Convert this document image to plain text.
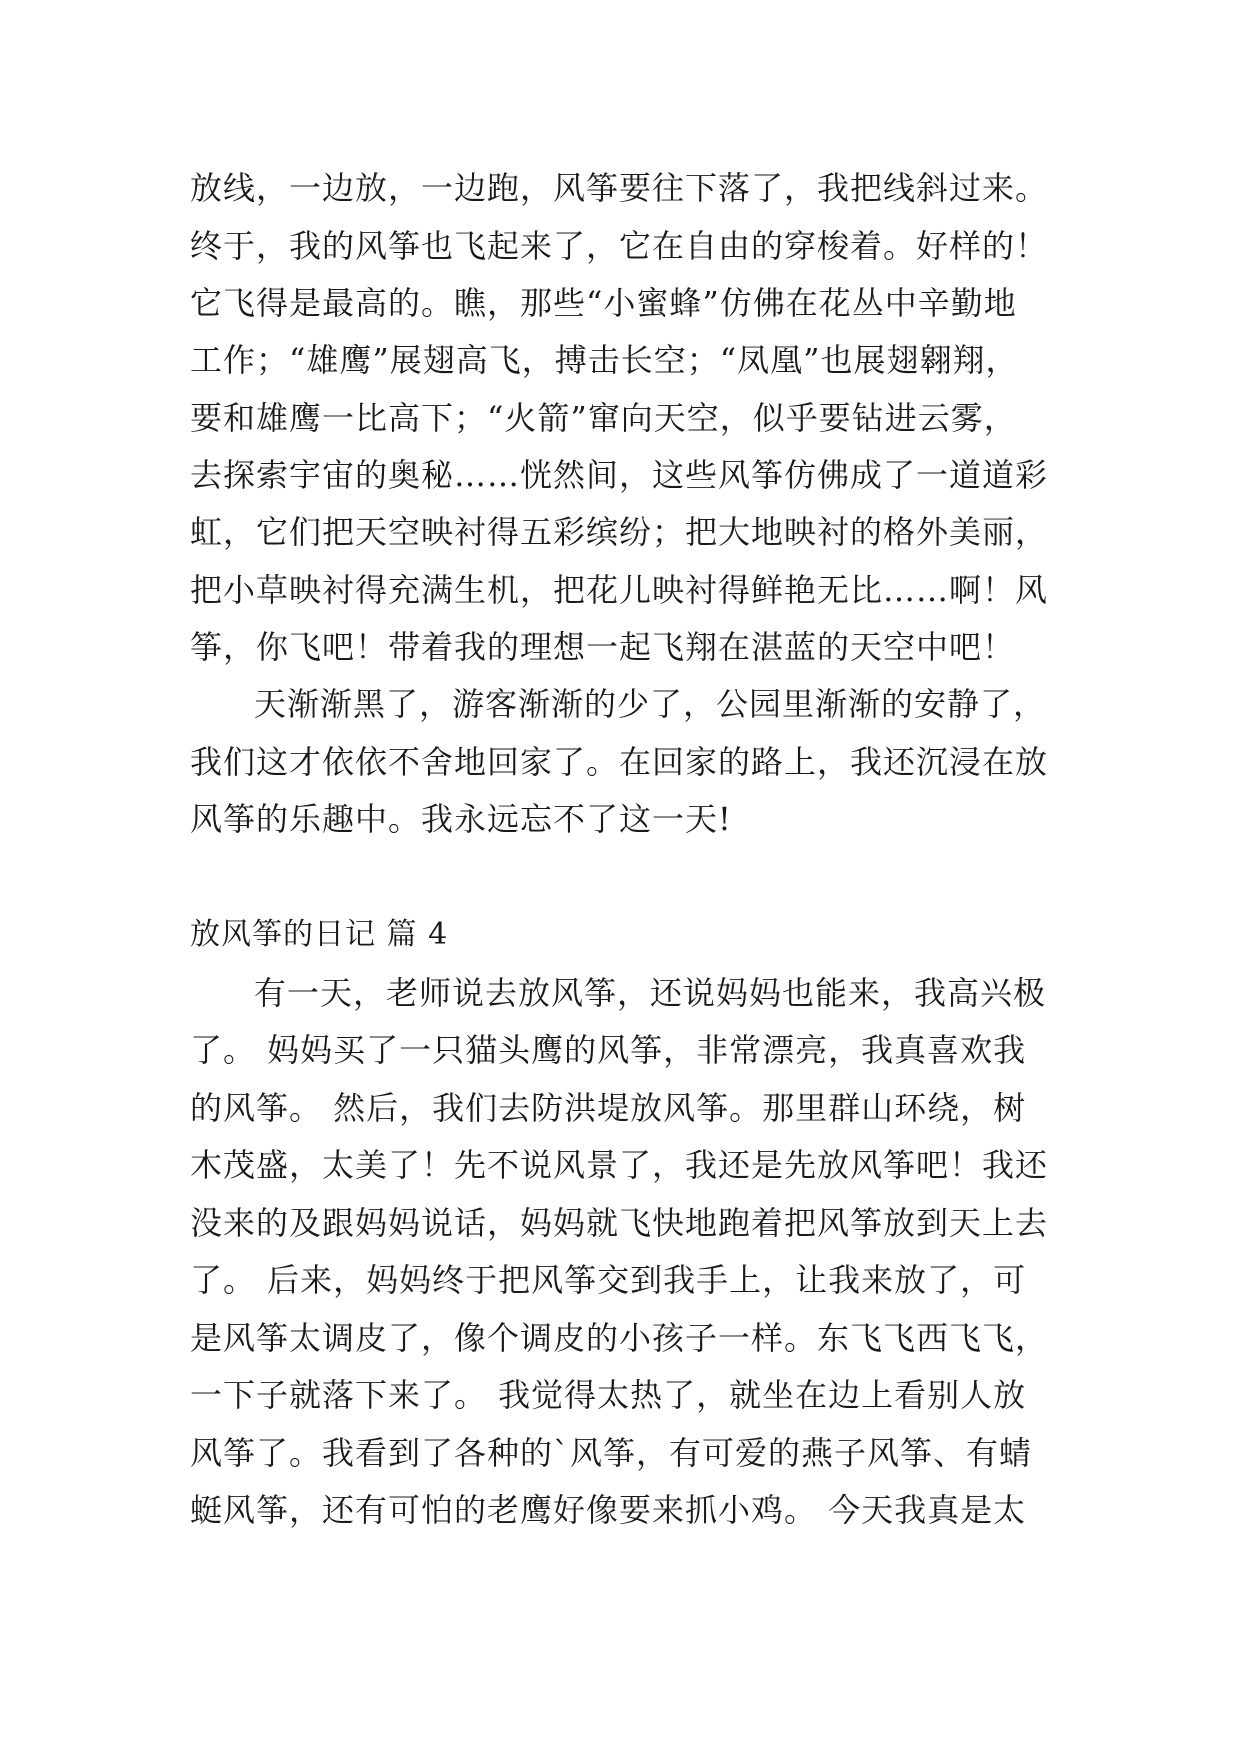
放线，一边放，一边跑，风筝要往下落了，我把线斜过来。
终于，我的风筝也飞起来了，它在自由的穿梭着。好样的！
它飞得是最高的。瞧，那些“小蜜蜂”仿佛在花丛中辛勤地
工作；“雄鹰”展翅高飞，搏击长空；“凤凰”也展翅翱翔，
要和雄鹰一比高下；“火箭”窜向天空，似乎要钻进云雾，
去探索宇宙的奥秘……恍然间，这些风筝仿佛成了一道道彩
虹，它们把天空映衬得五彩缤纷；把大地映衬的格外美丽，
把小草映衬得充满生机，把花儿映衬得鲜艳无比……啊！风
筝，你飞吧！带着我的理想一起飞翔在湛蓝的天空中吧！
天渐渐黑了，游客渐渐的少了，公园里渐渐的安静了，
我们这才依依不舍地回家了。在回家的路上，我还沉浸在放
风筝的乐趣中。我永远忘不了这一天!
放风筝的日记 篇 4
有一天，老师说去放风筝，还说妈妈也能来，我高兴极
了。 妈妈买了一只猫头鹰的风筝，非常漂亮，我真喜欢我
的风筝。 然后，我们去防洪堤放风筝。那里群山环绕，树
木茂盛，太美了！先不说风景了，我还是先放风筝吧！我还
没来的及跟妈妈说话，妈妈就飞快地跑着把风筝放到天上去
了。 后来，妈妈终于把风筝交到我手上，让我来放了，可
是风筝太调皮了，像个调皮的小孩子一样。东飞飞西飞飞，
一下子就落下来了。 我觉得太热了，就坐在边上看别人放
风筝了。我看到了各种的`风筝，有可爱的燕子风筝、有蜻
蜓风筝，还有可怕的老鹰好像要来抓小鸡。 今天我真是太
